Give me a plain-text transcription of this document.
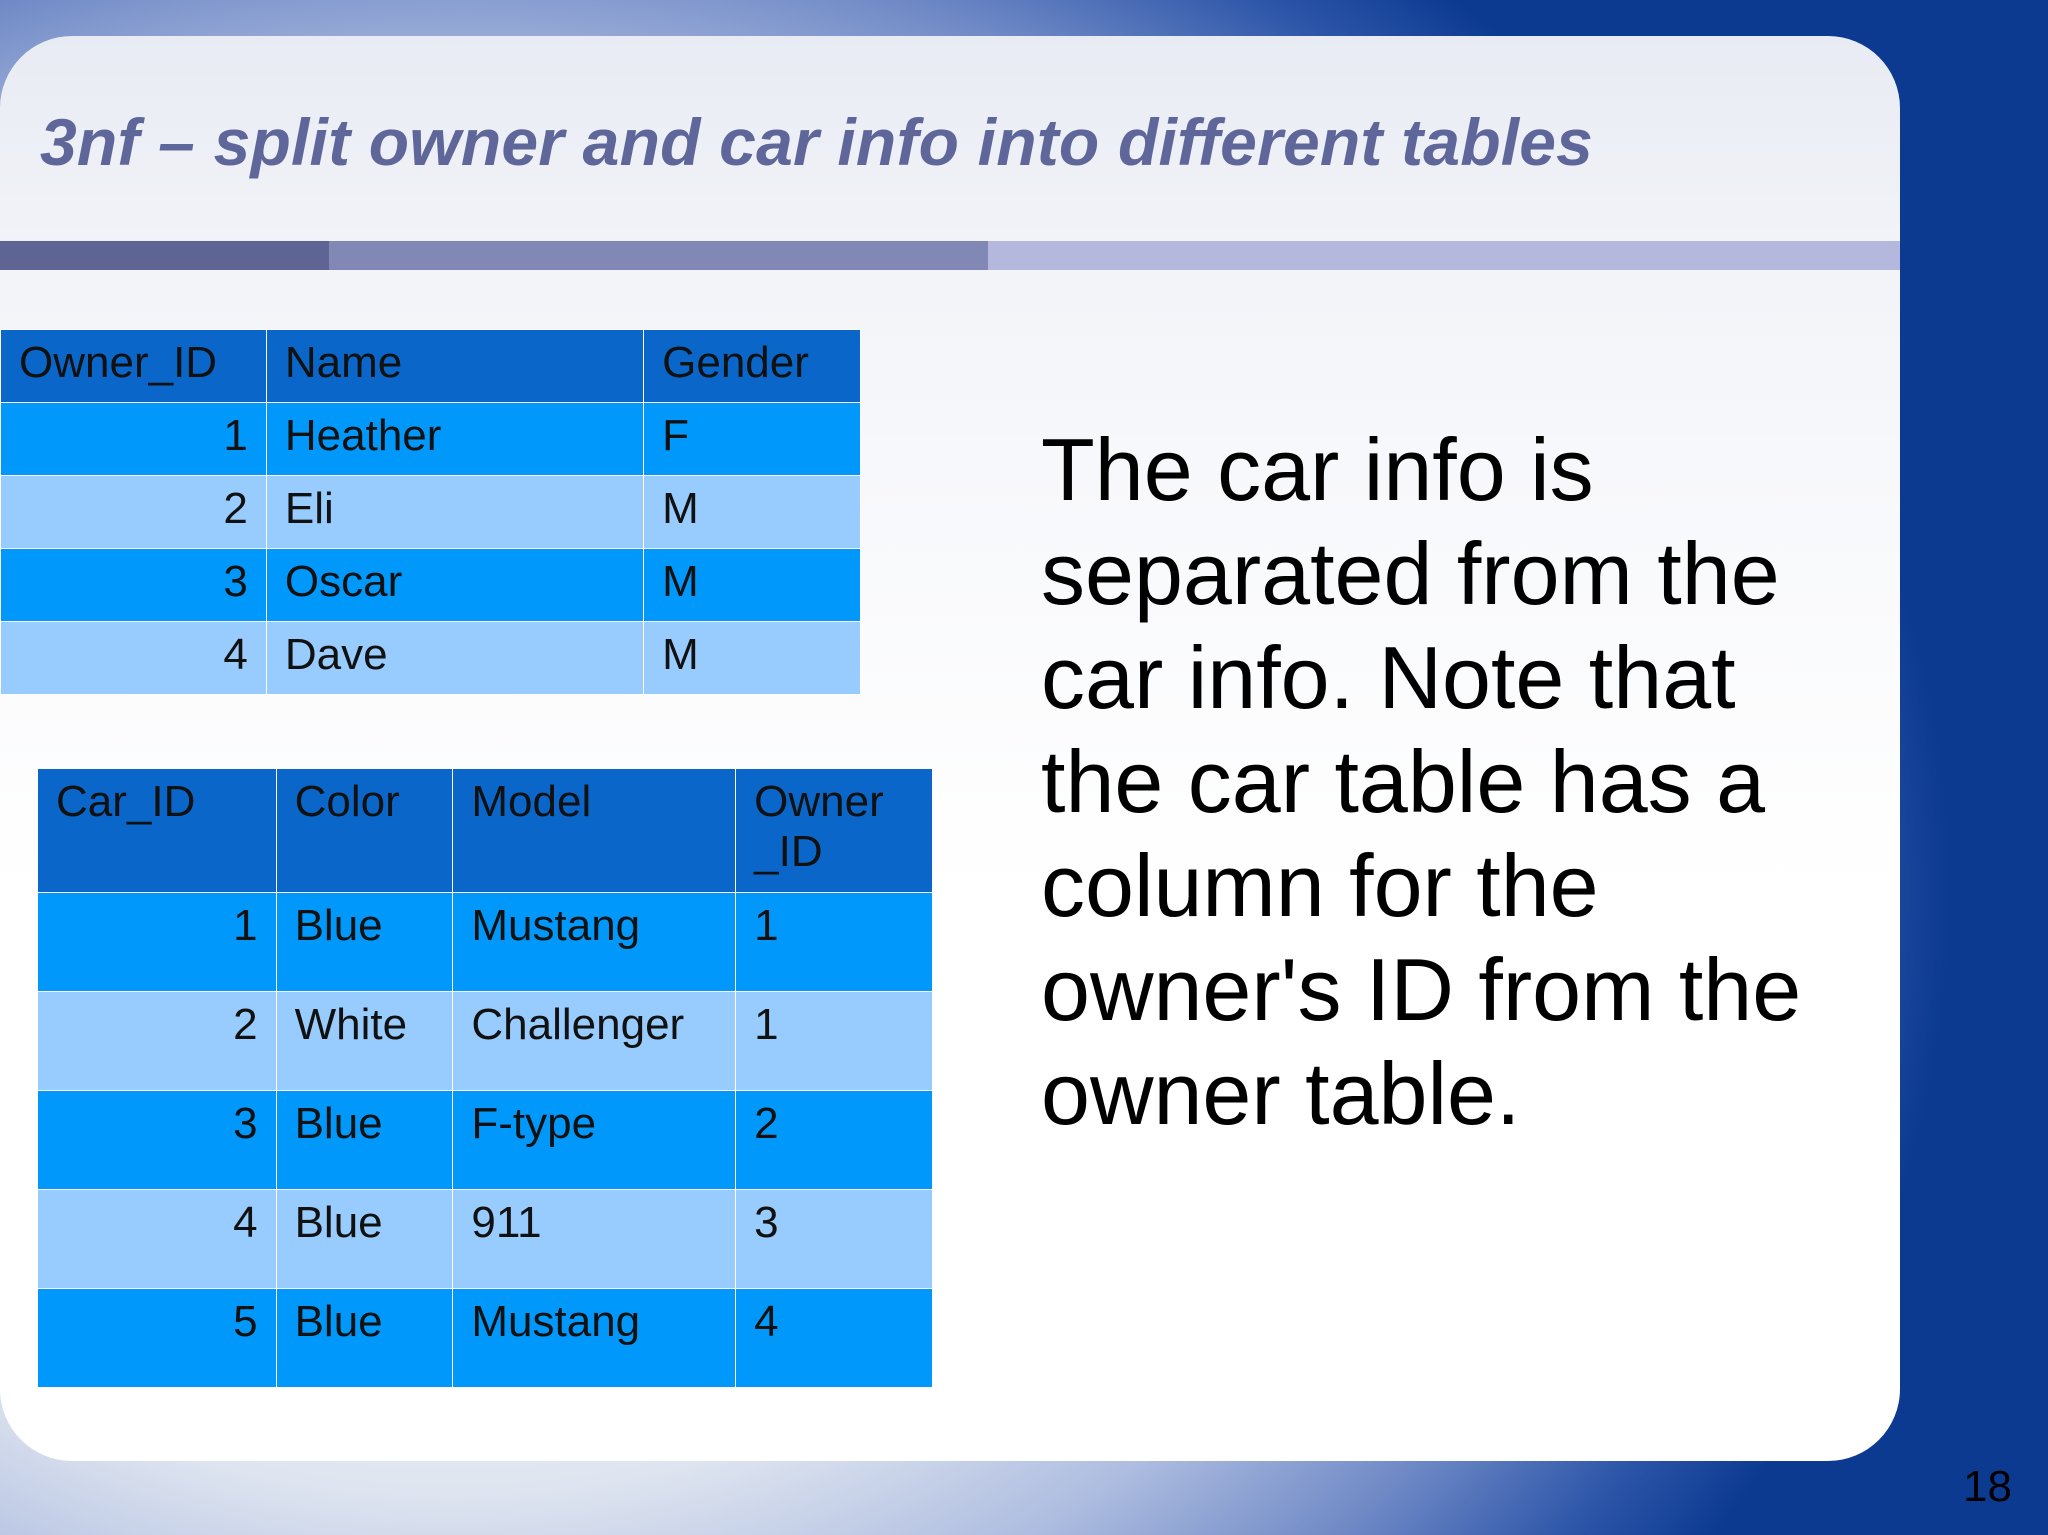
3nf – split owner and car info into different tables
Owner_ID	Name	Gender
1	Heather	F
2	Eli	M
3	Oscar	M
4	Dave	M
Car_ID	Color	Model	Owner _ID
1	Blue	Mustang	1
2	White	Challenger	1
3	Blue	F-type	2
4	Blue	911	3
5	Blue	Mustang	4
The car info is separated from the car info. Note that the car table has a column for the owner's ID from the owner table.
18
